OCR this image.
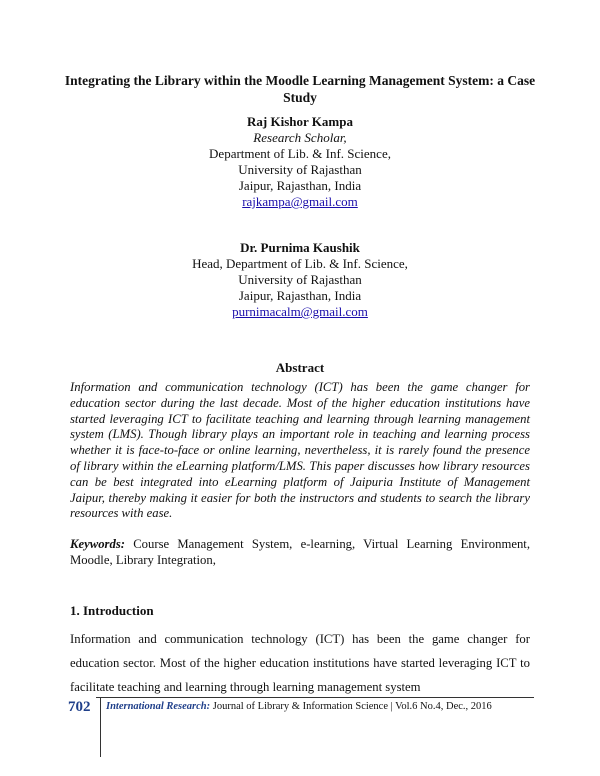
Integrating the Library within the Moodle Learning Management System: a Case Study
Raj Kishor Kampa
Research Scholar,
Department of Lib. & Inf. Science,
University of Rajasthan
Jaipur, Rajasthan, India
rajkampa@gmail.com
Dr. Purnima Kaushik
Head, Department of Lib. & Inf. Science,
University of Rajasthan
Jaipur, Rajasthan, India
purnimacalm@gmail.com
Abstract
Information and communication technology (ICT) has been the game changer for education sector during the last decade. Most of the higher education institutions have started leveraging ICT to facilitate teaching and learning through learning management system (LMS). Though library plays an important role in teaching and learning process whether it is face-to-face or online learning, nevertheless, it is rarely found the presence of library within the eLearning platform/LMS. This paper discusses how library resources can be best integrated into eLearning platform of Jaipuria Institute of Management Jaipur, thereby making it easier for both the instructors and students to search the library resources with ease.
Keywords: Course Management System, e-learning, Virtual Learning Environment, Moodle, Library Integration,
1. Introduction
Information and communication technology (ICT) has been the game changer for education sector. Most of the higher education institutions have started leveraging ICT to facilitate teaching and learning through learning management system
702 International Research: Journal of Library & Information Science | Vol.6 No.4, Dec., 2016
